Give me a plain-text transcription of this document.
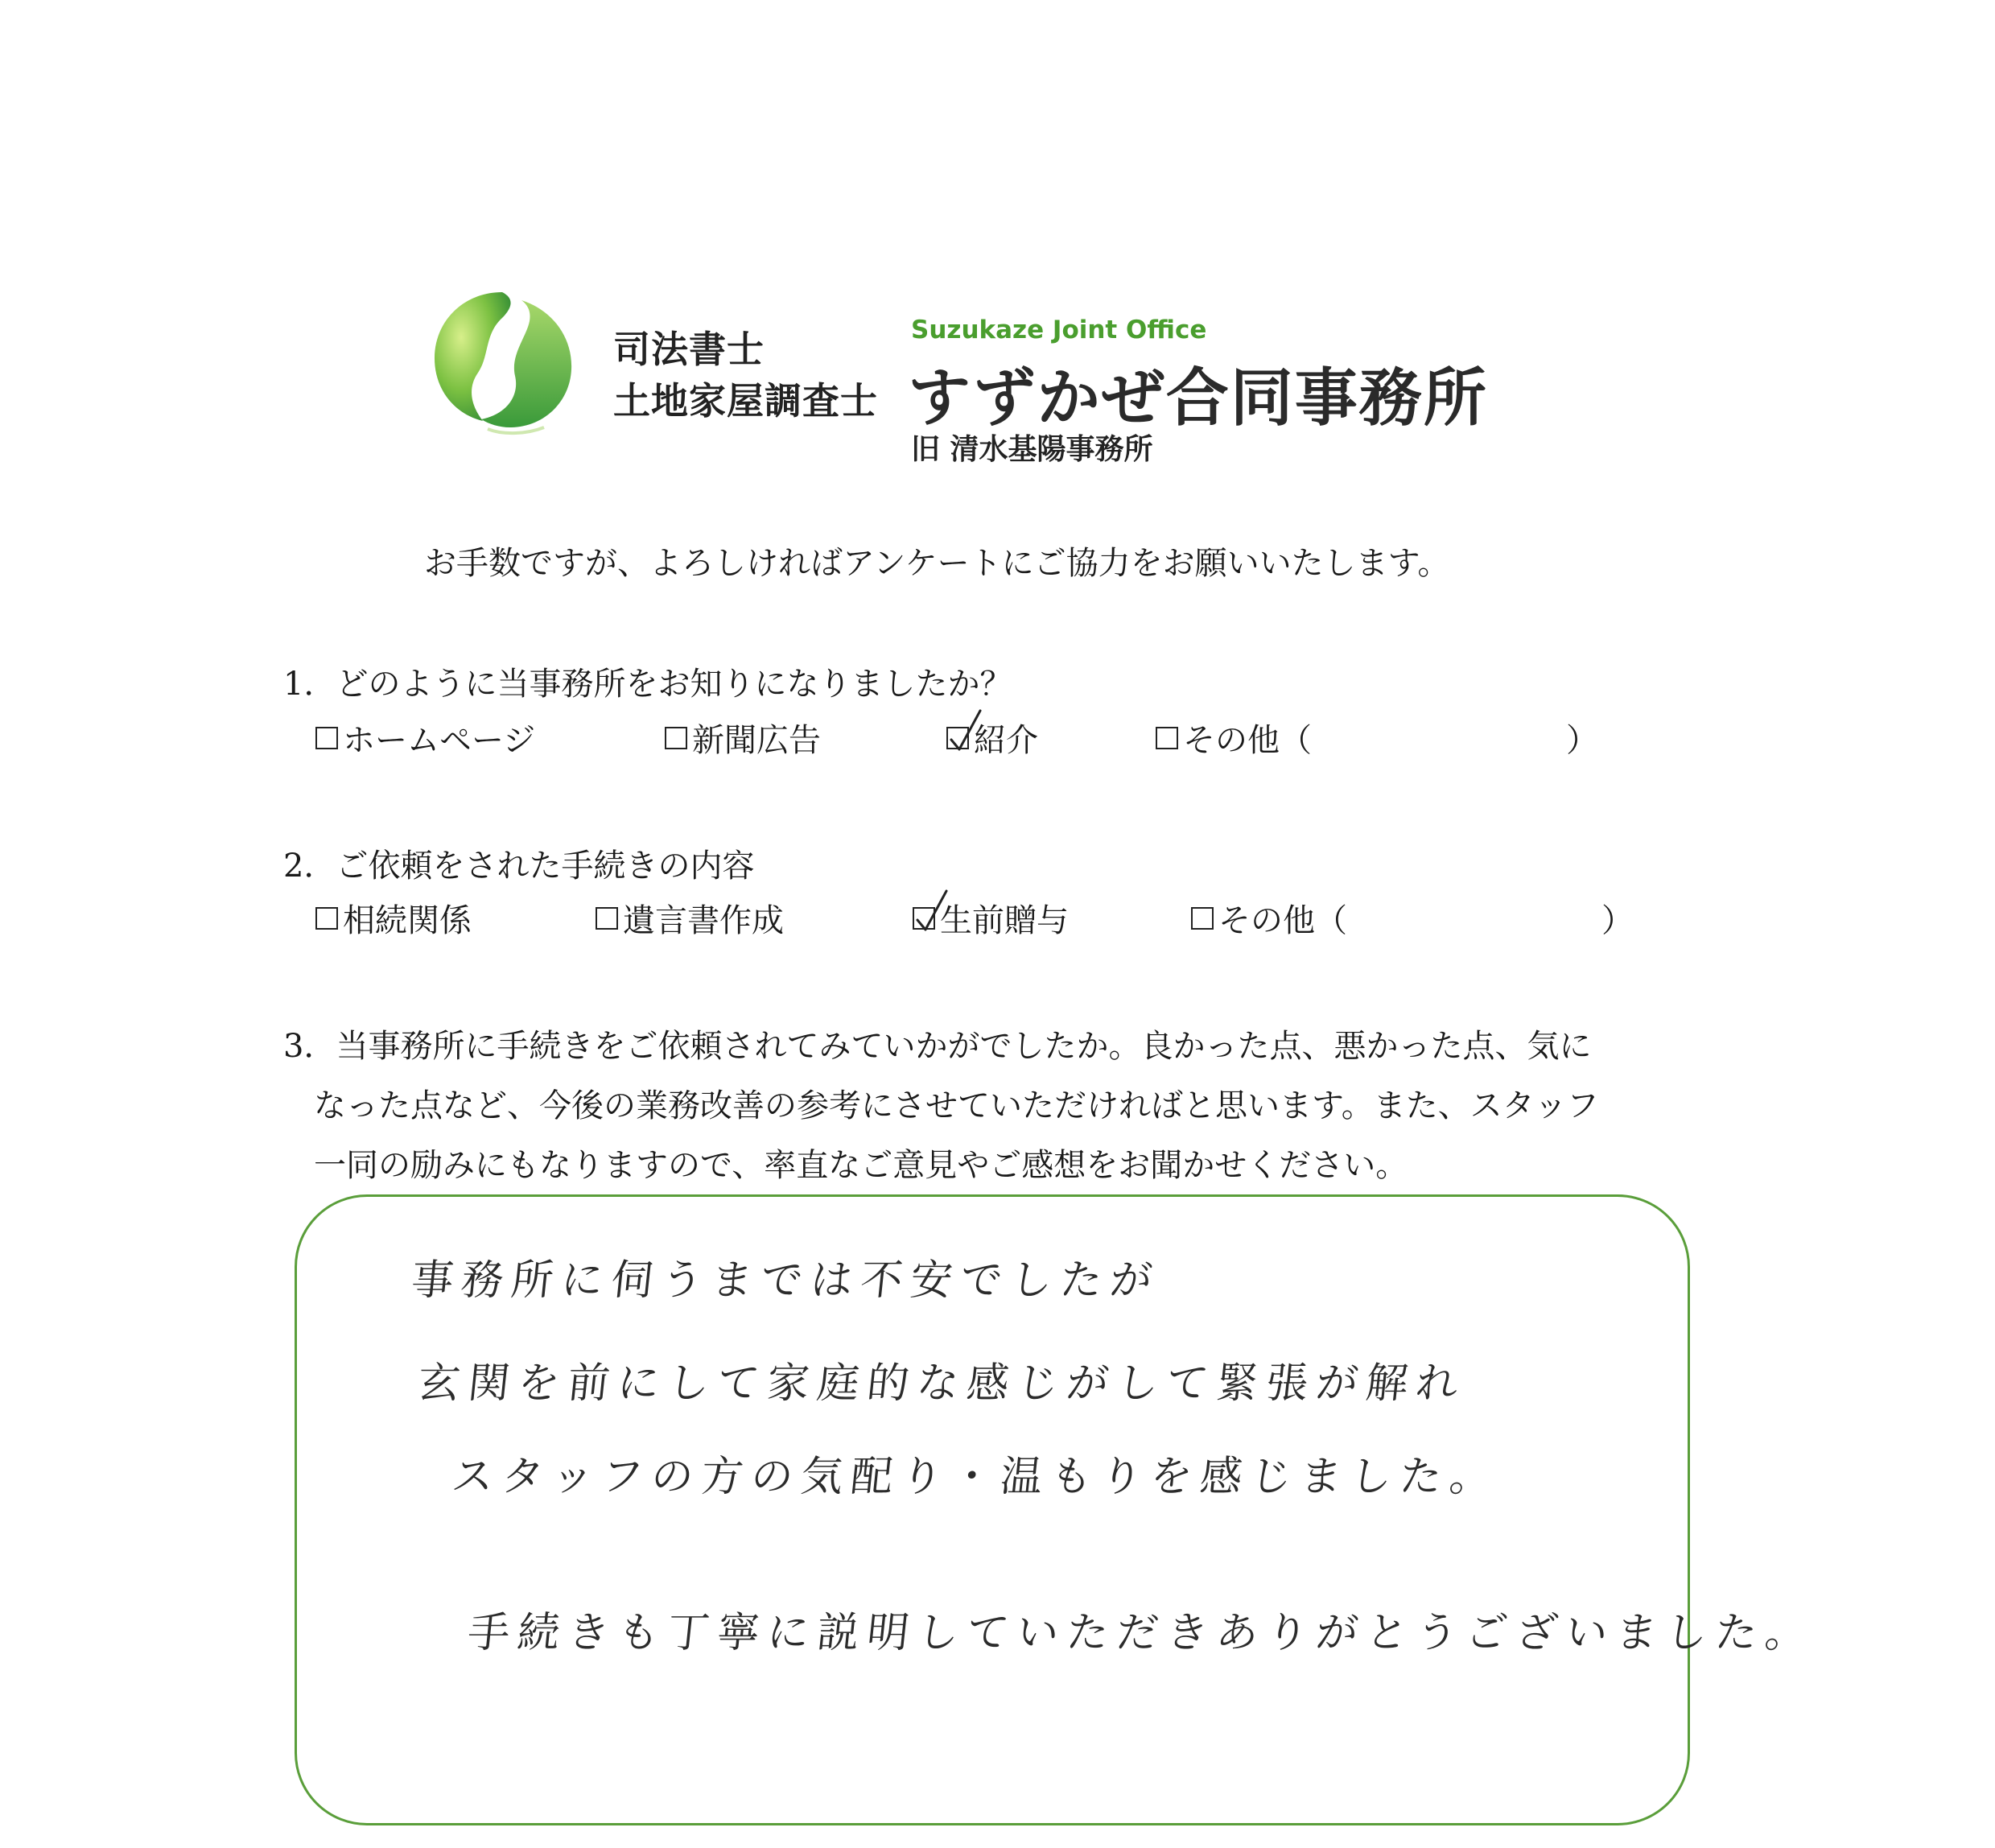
司法書士
土地家屋調査士
Suzukaze Joint Office
すずかぜ合同事務所
旧 清水基陽事務所
お手数ですが、よろしければアンケートにご協力をお願いいたします。
1．どのように当事務所をお知りになりましたか？
ホームページ	新聞広告	紹介	その他（	）
2．ご依頼をされた手続きの内容
相続関係	遺言書作成	生前贈与	その他（	）
3．当事務所に手続きをご依頼されてみていかがでしたか。良かった点、悪かった点、気に
なった点など、今後の業務改善の参考にさせていただければと思います。また、スタッフ
一同の励みにもなりますので、率直なご意見やご感想をお聞かせください。
事務所に伺うまでは不安でしたが
玄関を前にして家庭的な感じがして緊張が解れ
スタッフの方の気配り・温もりを感じました。
手続きも丁寧に説明していただきありがとうございました。
